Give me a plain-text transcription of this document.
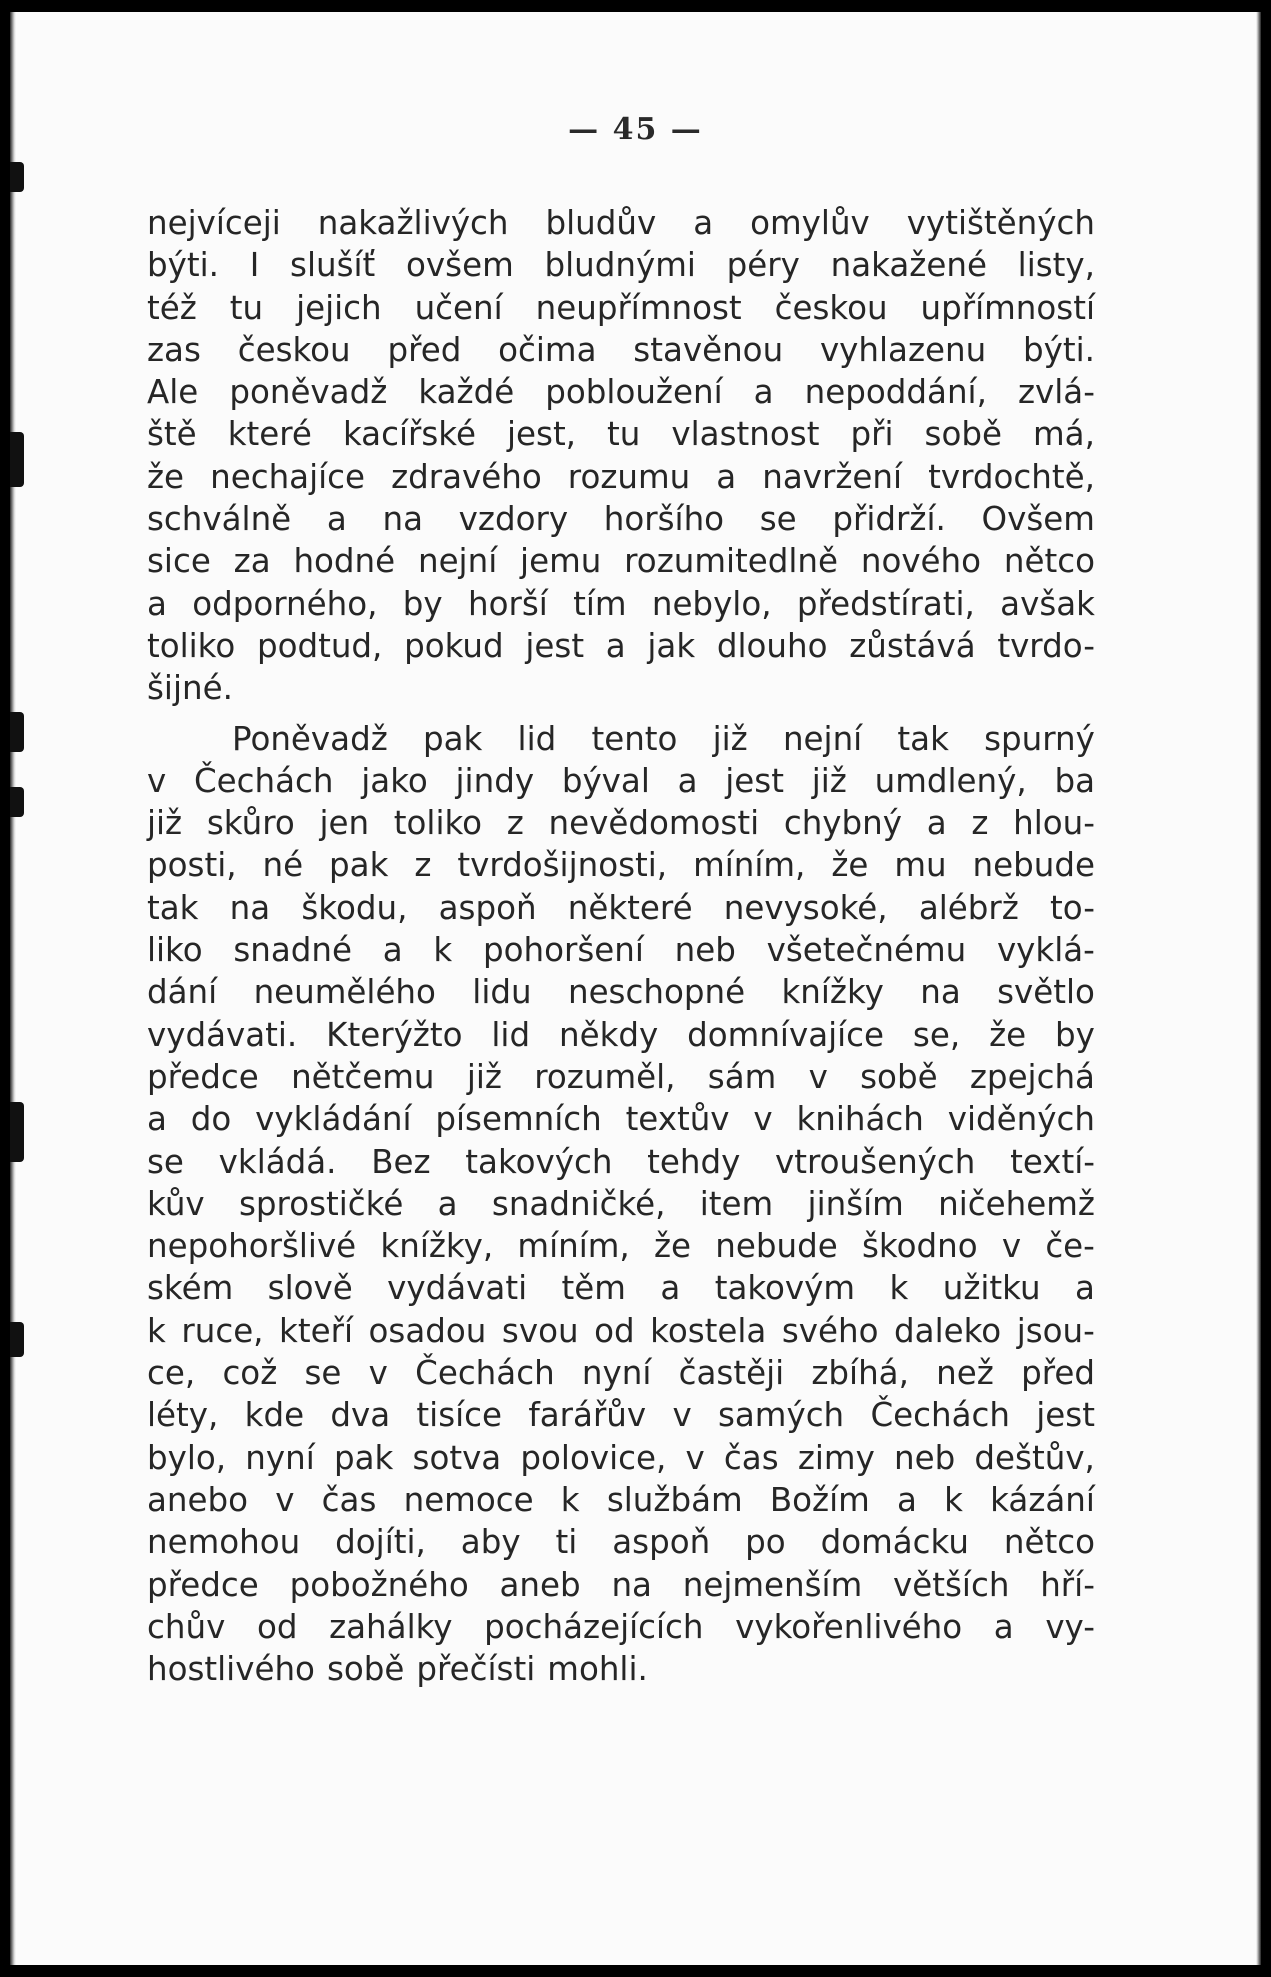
— 45 —
nejvíceji nakažlivých bludův a omylův vytištěných
býti. I slušíť ovšem bludnými péry nakažené listy,
též tu jejich učení neupřímnost českou upřímností
zas českou před očima stavěnou vyhlazenu býti.
Ale poněvadž každé pobloužení a nepoddání, zvlá-
ště které kacířské jest, tu vlastnost při sobě má,
že nechajíce zdravého rozumu a navržení tvrdochtě,
schválně a na vzdory horšího se přidrží. Ovšem
sice za hodné nejní jemu rozumitedlně nového nětco
a odporného, by horší tím nebylo, předstírati, avšak
toliko podtud, pokud jest a jak dlouho zůstává tvrdo-
šijné.
Poněvadž pak lid tento již nejní tak spurný
v Čechách jako jindy býval a jest již umdlený, ba
již skůro jen toliko z nevědomosti chybný a z hlou-
posti, né pak z tvrdošijnosti, míním, že mu nebude
tak na škodu, aspoň některé nevysoké, alébrž to-
liko snadné a k pohoršení neb všetečnému vyklá-
dání neumělého lidu neschopné knížky na světlo
vydávati. Kterýžto lid někdy domnívajíce se, že by
předce nětčemu již rozuměl, sám v sobě zpejchá
a do vykládání písemních textův v knihách viděných
se vkládá. Bez takových tehdy vtroušených textí-
kův sprostičké a snadničké, item jinším ničehemž
nepohoršlivé knížky, míním, že nebude škodno v če-
ském slově vydávati těm a takovým k užitku a
k ruce, kteří osadou svou od kostela svého daleko jsou-
ce, což se v Čechách nyní častěji zbíhá, než před
léty, kde dva tisíce farářův v samých Čechách jest
bylo, nyní pak sotva polovice, v čas zimy neb deštův,
anebo v čas nemoce k službám Božím a k kázání
nemohou dojíti, aby ti aspoň po domácku nětco
předce pobožného aneb na nejmenším větších hří-
chův od zahálky pocházejících vykořenlivého a vy-
hostlivého sobě přečísti mohli.
